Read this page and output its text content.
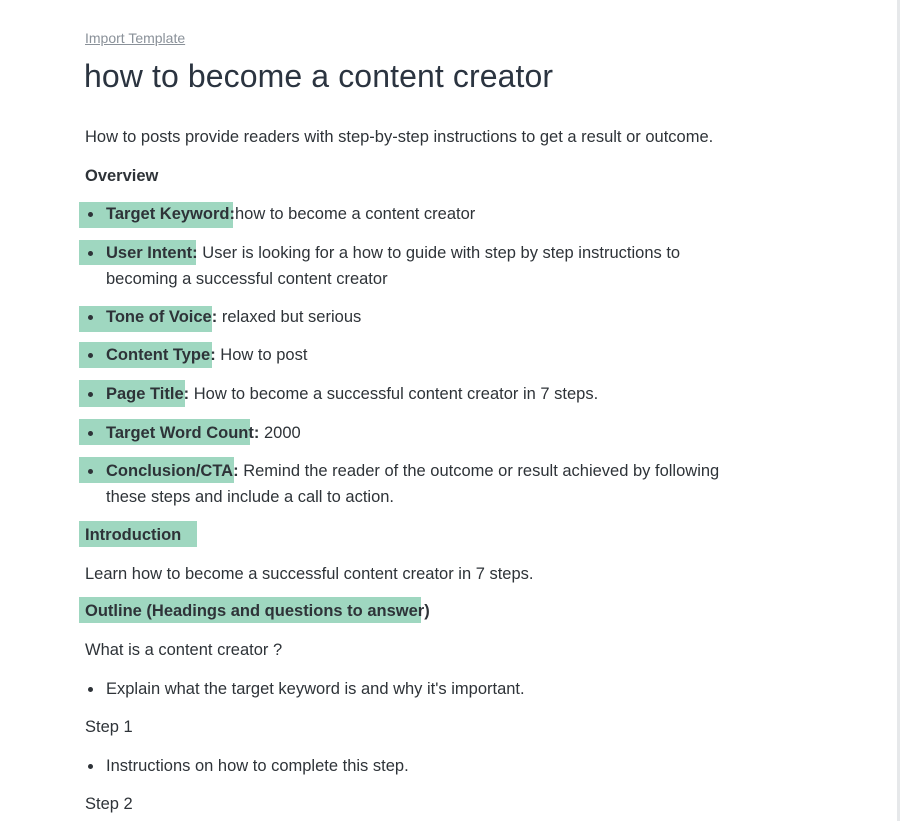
Import Template
how to become a content creator
How to posts provide readers with step-by-step instructions to get a result or outcome.
Overview
Target Keyword:how to become a content creator
User Intent: User is looking for a how to guide with step by step instructions to becoming a successful content creator
Tone of Voice: relaxed but serious
Content Type: How to post
Page Title: How to become a successful content creator in 7 steps.
Target Word Count: 2000
Conclusion/CTA: Remind the reader of the outcome or result achieved by following these steps and include a call to action.
Introduction
Learn how to become a successful content creator in 7 steps.
Outline (Headings and questions to answer)
What is a content creator ?
Explain what the target keyword is and why it's important.
Step 1
Instructions on how to complete this step.
Step 2
